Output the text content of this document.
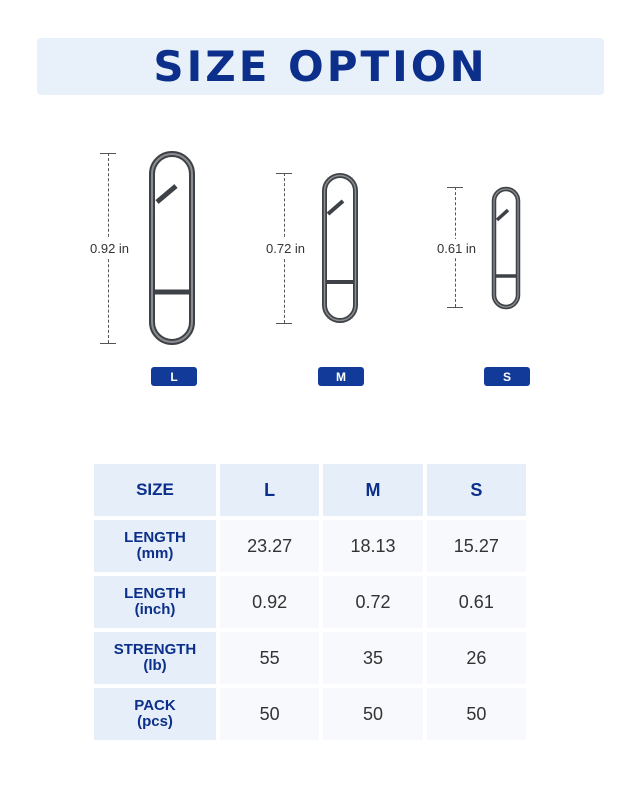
SIZE OPTION
0.92 in
L
0.72 in
M
0.61 in
S
SIZE	L	M	S
LENGTH
(mm)	23.27	18.13	15.27
LENGTH
(inch)	0.92	0.72	0.61
STRENGTH
(lb)	55	35	26
PACK
(pcs)	50	50	50
